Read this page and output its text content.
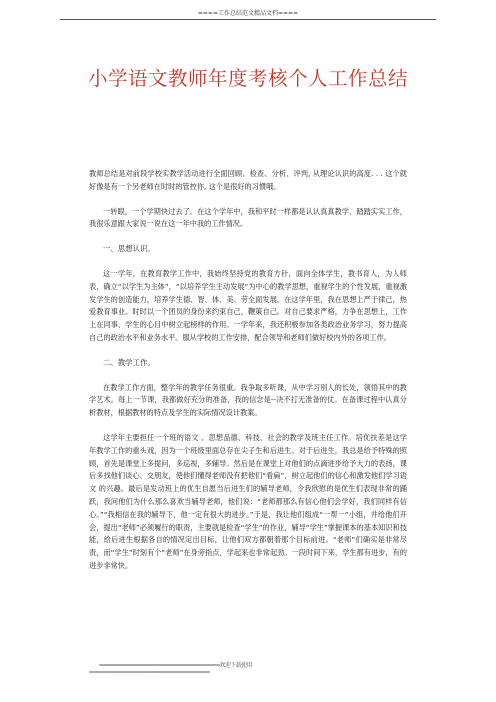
====工作总结范文精品文档====
小学语文教师年度考核个人工作总结

教师总结是对前段学校实教学活动进行全面回顾、检查、分析、评判, 从理论认识的高度. . . 这个就好像是有一个另老师在时时的管控你, 这个是很好的习惯哦。

一转眼，一个学期快过去了。在这个学年中，我和平时一样都是认认真真教学、踏踏实实工作，我很乐意跟大家说一说在这一年中我的工作情况。

一、思想认识。

这一学年，在教育教学工作中，我始终坚持党的教育方针，面向全体学生，教书育人，为人师表，确立“以学生为主体”，“以培养学生主动发展”为中心的教学思想，重视学生的个性发展，重视激发学生的创造能力，培养学生德、智、体、美、劳全面发展。在这学年里，我在思想上严于律己，热爱教育事业。时时以一个团员的身份来约束自己，鞭策自己。对自己要求严格，力争在思想上，工作上在同事、学生的心目中树立起榜样的作用。一学年来，我还积极参加各类政治业务学习，努力提高自己的政治水平和业务水平。服从学校的工作安排，配合领导和老师们做好校内外的各项工作。

二、教学工作。

在教学工作方面，整学年的教学任务很重。我争取多听课，从中学习别人的长处，领悟其中的教学艺术。每上一节课，我都做好充分的准备，我的信念是--决不打无准备的仗。在备课过程中认真分析教材，根据教材的特点及学生的实际情况设计教案。

这学年主要担任一个班的语文 、思想品德、科技、社会的教学及班主任工作。培优扶差是这学年教学工作的重头戏，因为一个班级里面总存在尖子生和后进生。对于后进生，我总是给予特殊的照顾，首先是课堂上多提问，多巡视，多辅导。然后是在课堂上对他们的点滴进步给予大力的表扬，课后多找他们谈心、交朋友，使他们懂得老师没有把他们“看扁”，树立起他们的信心和激发他们学习语文 的兴趣。最后是发动班上的优生自愿当后进生们的辅导老师，令我欣慰的是优生们表现非常的踊跃，我问他们为什么那么喜欢当辅导老师，他们说：“老师都那么有信心他们会学好，我们同样有信心。”“我相信在我的辅导下，他一定有很大的进步。”于是，我让他们组成“一帮一”小组，并给他们开会，提出“老师”必须履行的职责，主要就是检查“学生”的作业，辅导“学生”掌握课本的基本知识和技能，给后进生根据各自的情况定出目标，让他们双方都朝着那个目标前进。“老师”们确实是非常尽责，而“学生”时刻有个“老师”在身旁指点，学起来也非常起劲。一段时间下来，学生都有进步，有的进步非常快。

========================================欢迎下载使用
========================================
